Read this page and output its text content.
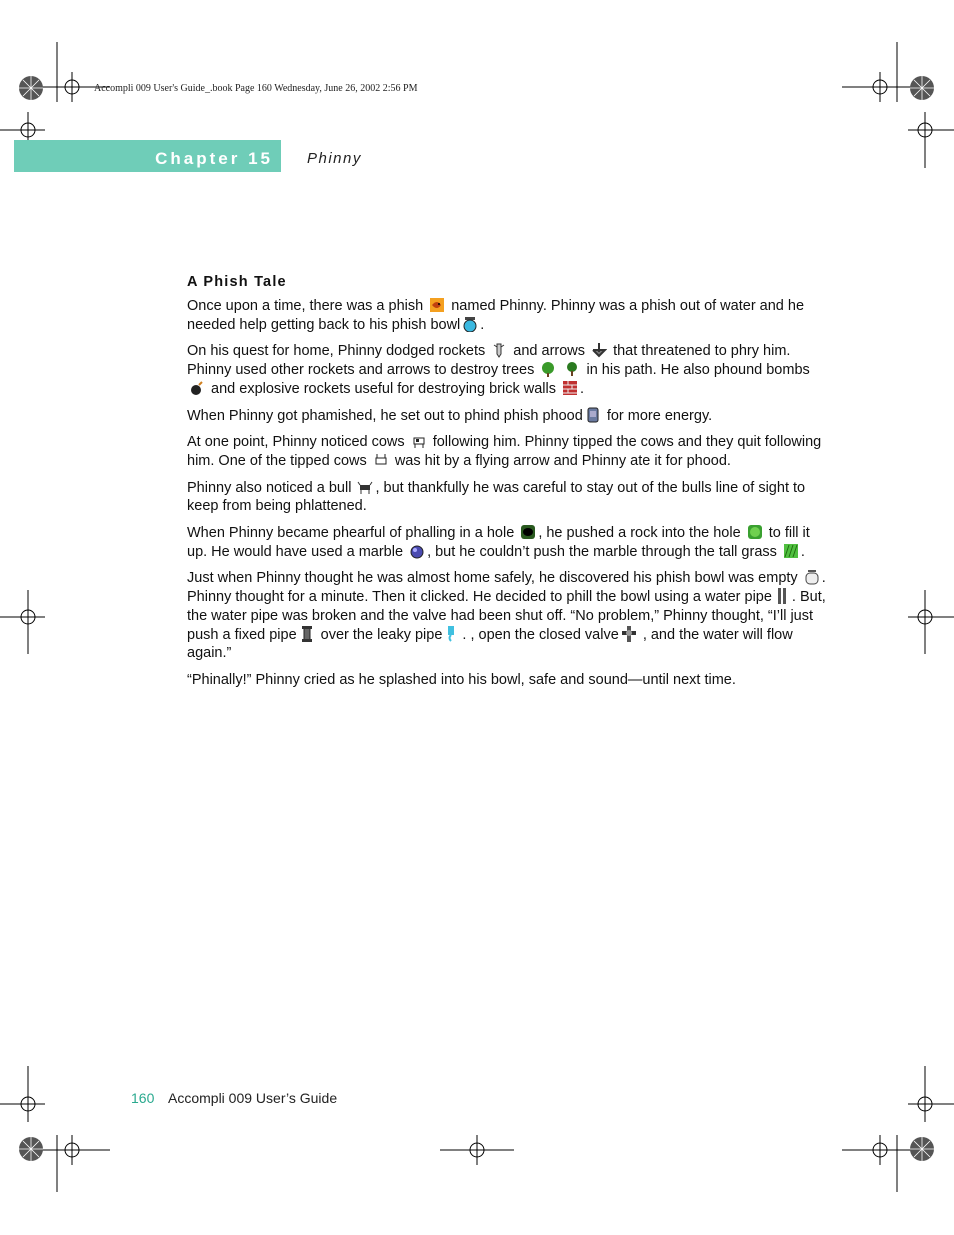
Accompli 009 User's Guide_.book Page 160 Wednesday, June 26, 2002 2:56 PM
Chapter 15 Phinny
A Phish Tale

Once upon a time, there was a phish named Phinny. Phinny was a phish out of water and he needed help getting back to his phish bowl .

On his quest for home, Phinny dodged rockets and arrows that threatened to phry him. Phinny used other rockets and arrows to destroy trees
	in his path. He also phound bombs
and explosive rockets useful for destroying brick walls .

When Phinny got phamished, he set out to phind phish phood for more energy.

At one point, Phinny noticed cows following him. Phinny tipped the cows and they quit following him. One of the tipped cows was hit by a flying arrow and Phinny ate it for phood.

Phinny also noticed a bull , but thankfully he was careful to stay out of the bulls line of sight to keep from being phlattened.

When Phinny became phearful of phalling in a hole , he pushed a rock into the hole to fill it up. He would have used a marble , but he couldn’t push the marble through the tall grass .

Just when Phinny thought he was almost home safely, he discovered his phish bowl was empty . Phinny thought for a minute. Then it clicked. He decided to phill the bowl using a water pipe . But, the water pipe was broken and the valve had been shut off. “No problem,” Phinny thought, “I’ll just push a fixed pipe over the leaky pipe . , open the closed valve , and the water will flow again.”

“Phinally!” Phinny cried as he splashed into his bowl, safe and sound—until next time.

160 Accompli 009 User’s Guide
